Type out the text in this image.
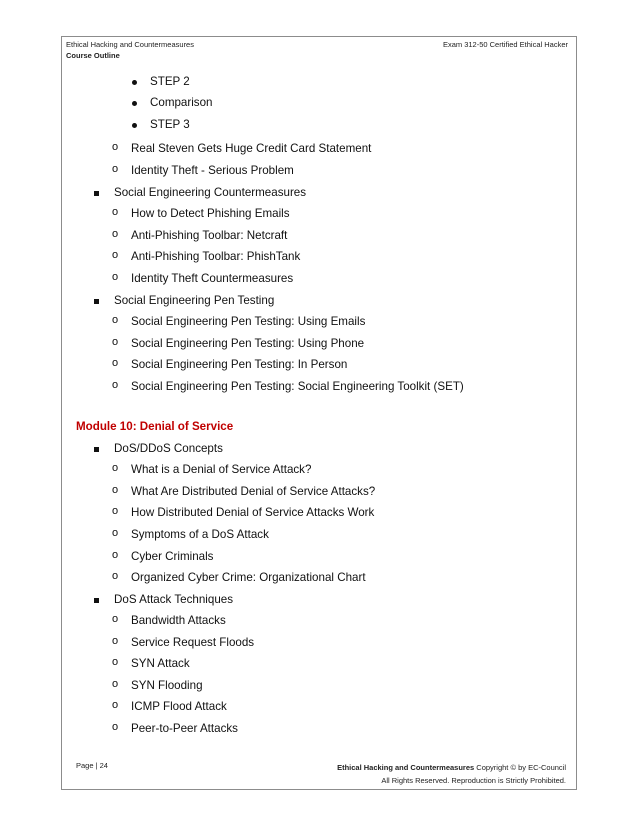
Ethical Hacking and Countermeasures	Exam 312-50 Certified Ethical Hacker
Course Outline
STEP 2
Comparison
STEP 3
o Real Steven Gets Huge Credit Card Statement
o Identity Theft - Serious Problem
Social Engineering Countermeasures
o How to Detect Phishing Emails
o Anti-Phishing Toolbar: Netcraft
o Anti-Phishing Toolbar: PhishTank
o Identity Theft Countermeasures
Social Engineering Pen Testing
o Social Engineering Pen Testing: Using Emails
o Social Engineering Pen Testing: Using Phone
o Social Engineering Pen Testing: In Person
o Social Engineering Pen Testing: Social Engineering Toolkit (SET)
Module 10: Denial of Service
DoS/DDoS Concepts
o What is a Denial of Service Attack?
o What Are Distributed Denial of Service Attacks?
o How Distributed Denial of Service Attacks Work
o Symptoms of a DoS Attack
o Cyber Criminals
o Organized Cyber Crime: Organizational Chart
DoS Attack Techniques
o Bandwidth Attacks
o Service Request Floods
o SYN Attack
o SYN Flooding
o ICMP Flood Attack
o Peer-to-Peer Attacks
Page | 24	Ethical Hacking and Countermeasures Copyright © by EC-Council
All Rights Reserved. Reproduction is Strictly Prohibited.
